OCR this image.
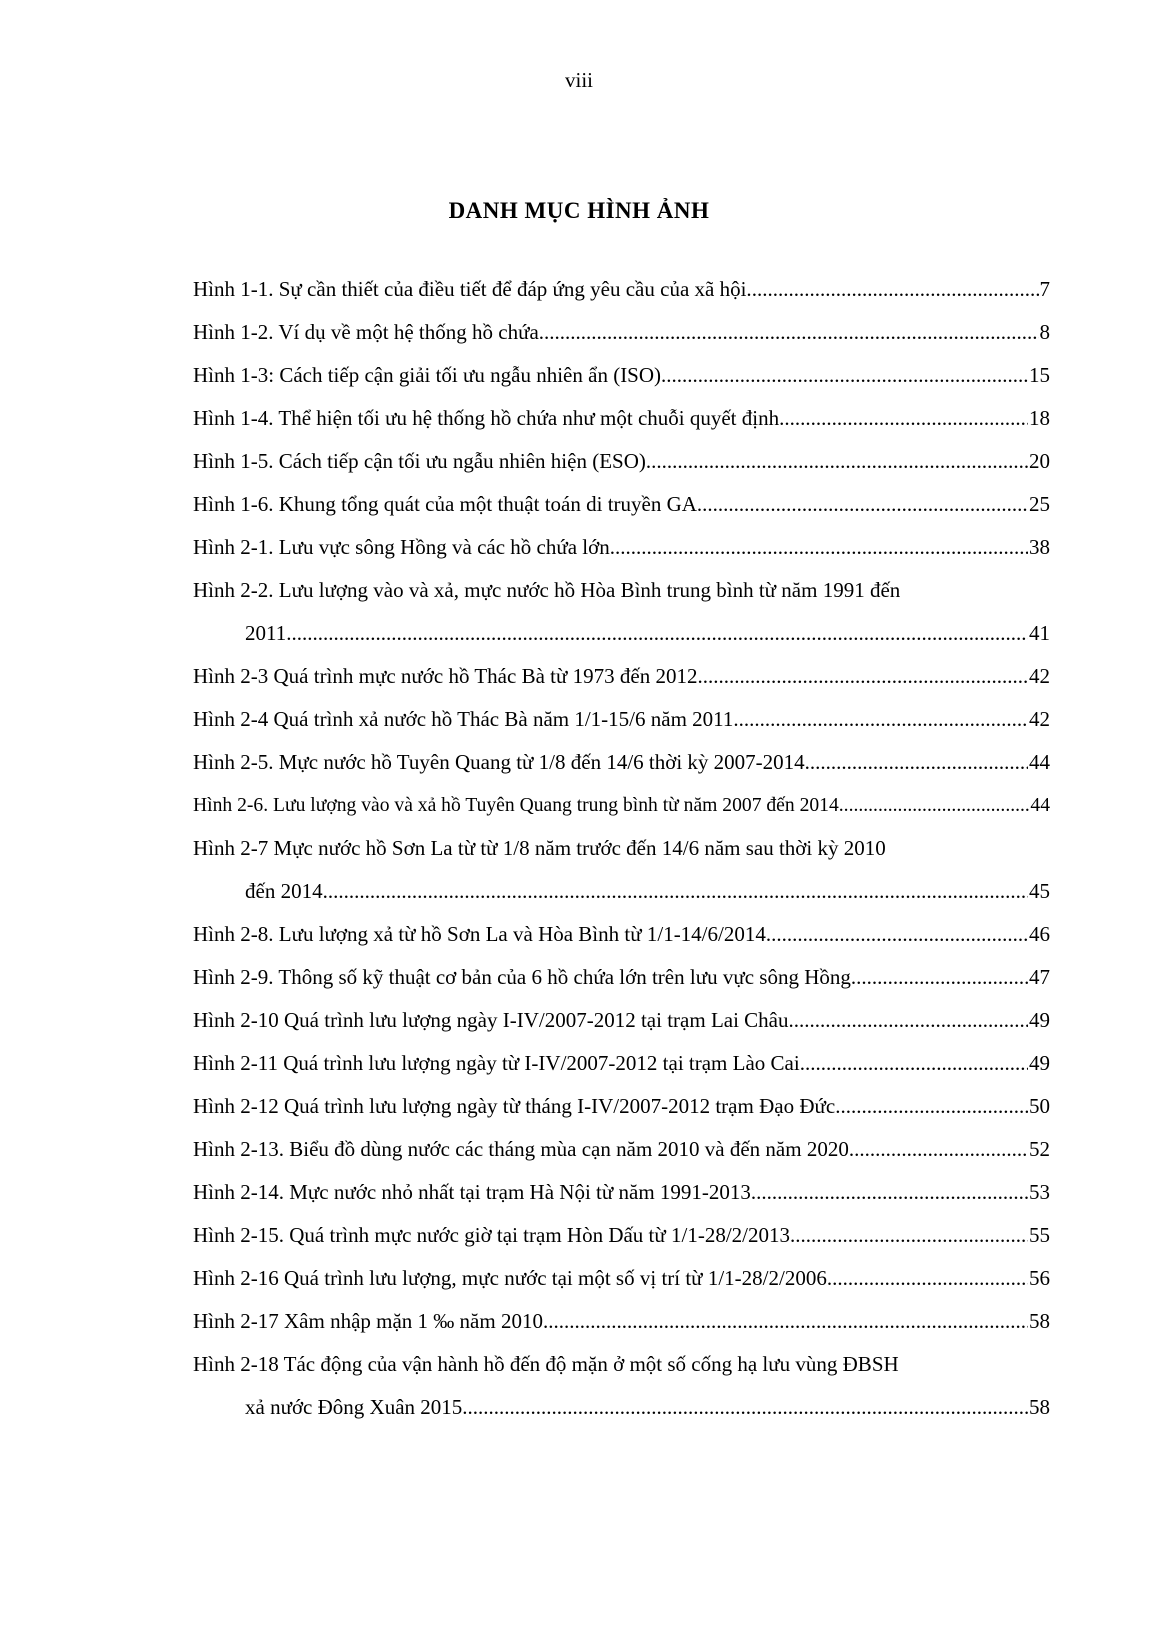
viii
DANH MỤC HÌNH ẢNH
Hình 1-1. Sự cần thiết của điều tiết để đáp ứng yêu cầu của xã hội. .....	7
Hình 1-2. Ví dụ về một hệ thống hồ chứa .....	8
Hình 1-3: Cách tiếp cận giải tối ưu ngẫu nhiên ẩn (ISO) .....	15
Hình 1-4. Thể hiện tối ưu hệ thống hồ chứa như một chuỗi quyết định .....	18
Hình 1-5. Cách tiếp cận tối ưu ngẫu nhiên hiện (ESO) .....	20
Hình 1-6. Khung tổng quát của một thuật toán di truyền GA .....	25
Hình 2-1. Lưu vực sông Hồng và các hồ chứa lớn .....	38
Hình 2-2. Lưu lượng vào và xả, mực nước hồ Hòa Bình trung bình từ năm 1991 đến
2011 .....	41
Hình 2-3 Quá trình mực nước hồ Thác Bà từ 1973 đến 2012 .....	42
Hình 2-4 Quá trình xả nước hồ Thác Bà năm 1/1-15/6 năm 2011 .....	42
Hình 2-5. Mực nước hồ Tuyên Quang từ 1/8 đến 14/6 thời kỳ 2007-2014 .....	44
Hình 2-6. Lưu lượng vào và xả hồ Tuyên Quang trung bình từ năm 2007 đến 2014 .....	44
Hình 2-7 Mực nước hồ Sơn La từ từ 1/8 năm trước đến 14/6 năm sau thời kỳ 2010
đến 2014 .....	45
Hình 2-8. Lưu lượng xả từ hồ Sơn La và Hòa Bình từ 1/1-14/6/2014 .....	46
Hình 2-9. Thông số kỹ thuật cơ bản của 6 hồ chứa lớn trên lưu vực sông Hồng .....	47
Hình 2-10 Quá trình lưu lượng ngày I-IV/2007-2012 tại trạm Lai Châu .....	49
Hình 2-11 Quá trình lưu lượng ngày từ I-IV/2007-2012 tại trạm Lào Cai .....	49
Hình 2-12 Quá trình lưu lượng ngày từ tháng I-IV/2007-2012 trạm Đạo Đức .....	50
Hình 2-13. Biểu đồ dùng nước các tháng mùa cạn năm 2010 và đến năm 2020 .....	52
Hình 2-14. Mực nước nhỏ nhất tại trạm Hà Nội từ năm 1991-2013 .....	53
Hình 2-15. Quá trình mực nước giờ tại trạm Hòn Dấu từ 1/1-28/2/2013 .....	55
Hình 2-16 Quá trình lưu lượng, mực nước tại một số vị trí từ 1/1-28/2/2006 .....	56
Hình 2-17 Xâm nhập mặn 1 ‰ năm 2010 .....	58
Hình 2-18 Tác động của vận hành hồ đến độ mặn ở một số cống hạ lưu vùng ĐBSH
xả nước Đông Xuân 2015 .....	58
